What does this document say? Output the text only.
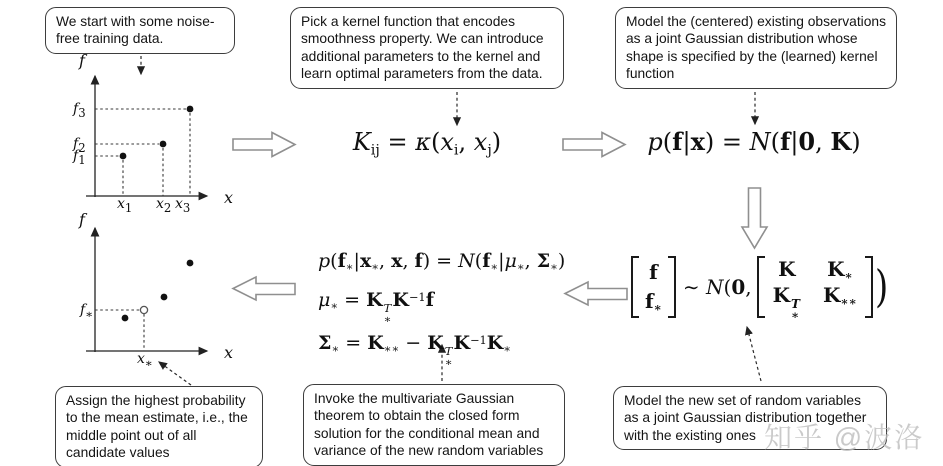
We start with some noise-free training data.
Pick a kernel function that encodes smoothness property. We can introduce additional parameters to the kernel and learn optimal parameters from the data.
Model the (centered) existing observations as a joint Gaussian distribution whose shape is specified by the (learned) kernel function
Assign the highest probability to the mean estimate, i.e., the middle point out of all candidate values
Invoke the multivariate Gaussian theorem to obtain the closed form solution for the conditional mean and variance of the new random variables
Model the new set of random variables as a joint Gaussian distribution together with the existing ones
$K_{ij} = \kappa(x_i$, $x_j$)	p(f|x) = N(f|0, K)
$p(f_∗|x_∗$, x, $f) = N(f_∗|\mu_∗$, $\Sigma_∗$)
$\mu_∗ = K$ T
∗
$K^{-1}f$
$\Sigma_∗ = K_{∗∗} - K$ T
∗
$K^{-1}K_∗$
f
$f_∗$
∼ N(0,
K $K_∗$
K T
∗
$K_{∗∗}$ )
f
x
$f_3$
$f_2$
$f_1$
$x_1$ $x_2$ $x_3$
f
x
$f_∗$
$x_∗$
知乎 @波洛
